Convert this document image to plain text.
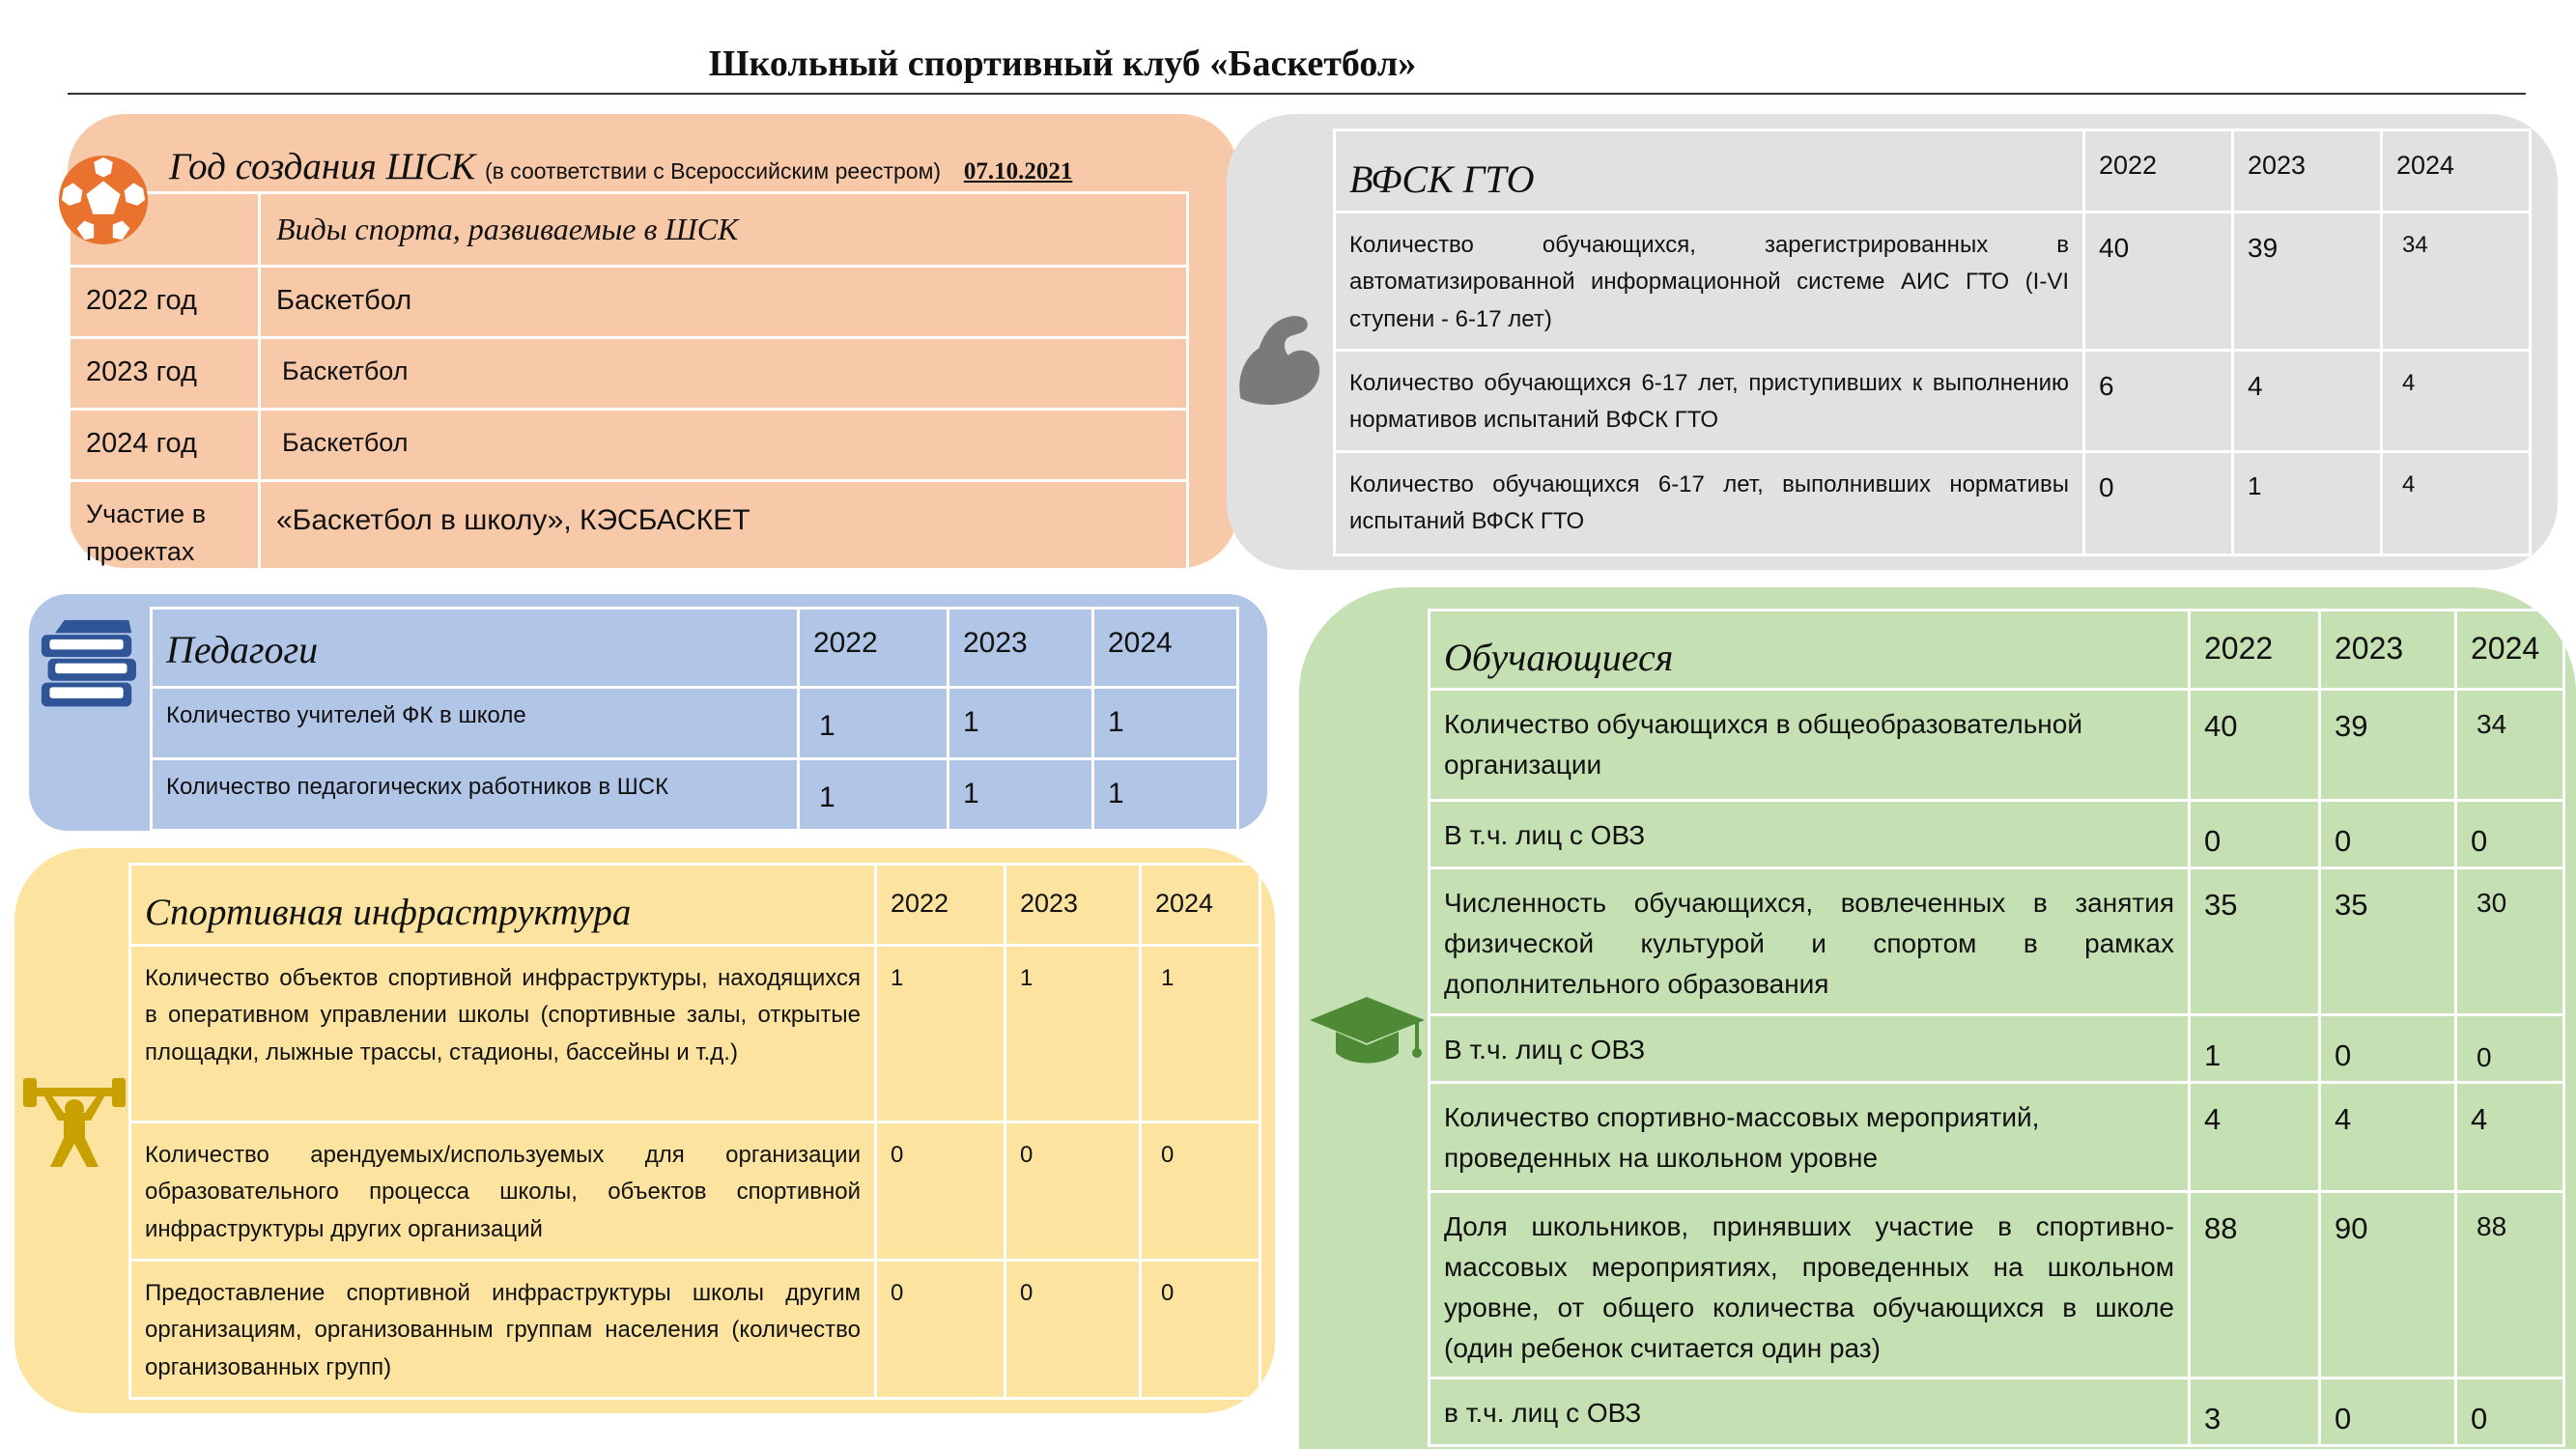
Школьный спортивный клуб «Баскетбол»
Год создания ШСК (в соответствии с Всероссийским реестром) 07.10.2021
	Виды спорта, развиваемые в ШСК
2022 год	Баскетбол
2023 год	Баскетбол
2024 год	Баскетбол
Участие в проектах	«Баскетбол в школу», КЭСБАСКЕТ
ВФСК ГТО	2022	2023	2024
Количество обучающихся, зарегистрированных в автоматизированной информационной системе АИС ГТО (I-VI ступени - 6-17 лет)	40	39	34
Количество обучающихся 6-17 лет, приступивших к выполнению нормативов испытаний ВФСК ГТО	6	4	4
Количество обучающихся 6-17 лет, выполнивших нормативы испытаний ВФСК ГТО	0	1	4
Педагоги	2022	2023	2024
Количество учителей ФК в школе	1	1	1
Количество педагогических работников в ШСК	1	1	1
Спортивная инфраструктура	2022	2023	2024
Количество объектов спортивной инфраструктуры, находящихся в оперативном управлении школы (спортивные залы, открытые площадки, лыжные трассы, стадионы, бассейны и т.д.)	1	1	1
Количество арендуемых/используемых для организации образовательного процесса школы, объектов спортивной инфраструктуры других организаций	0	0	0
Предоставление спортивной инфраструктуры школы другим организациям, организованным группам населения (количество организованных групп)	0	0	0
Обучающиеся	2022	2023	2024
Количество обучающихся в общеобразовательной организации	40	39	34
В т.ч. лиц с ОВЗ	0	0	0
Численность обучающихся, вовлеченных в занятия физической культурой и спортом в рамках дополнительного образования	35	35	30
В т.ч. лиц с ОВЗ	1	0	0
Количество спортивно-массовых мероприятий, проведенных на школьном уровне	4	4	4
Доля школьников, принявших участие в спортивно-массовых мероприятиях, проведенных на школьном уровне, от общего количества обучающихся в школе (один ребенок считается один раз)	88	90	88
в т.ч. лиц с ОВЗ	3	0	0
